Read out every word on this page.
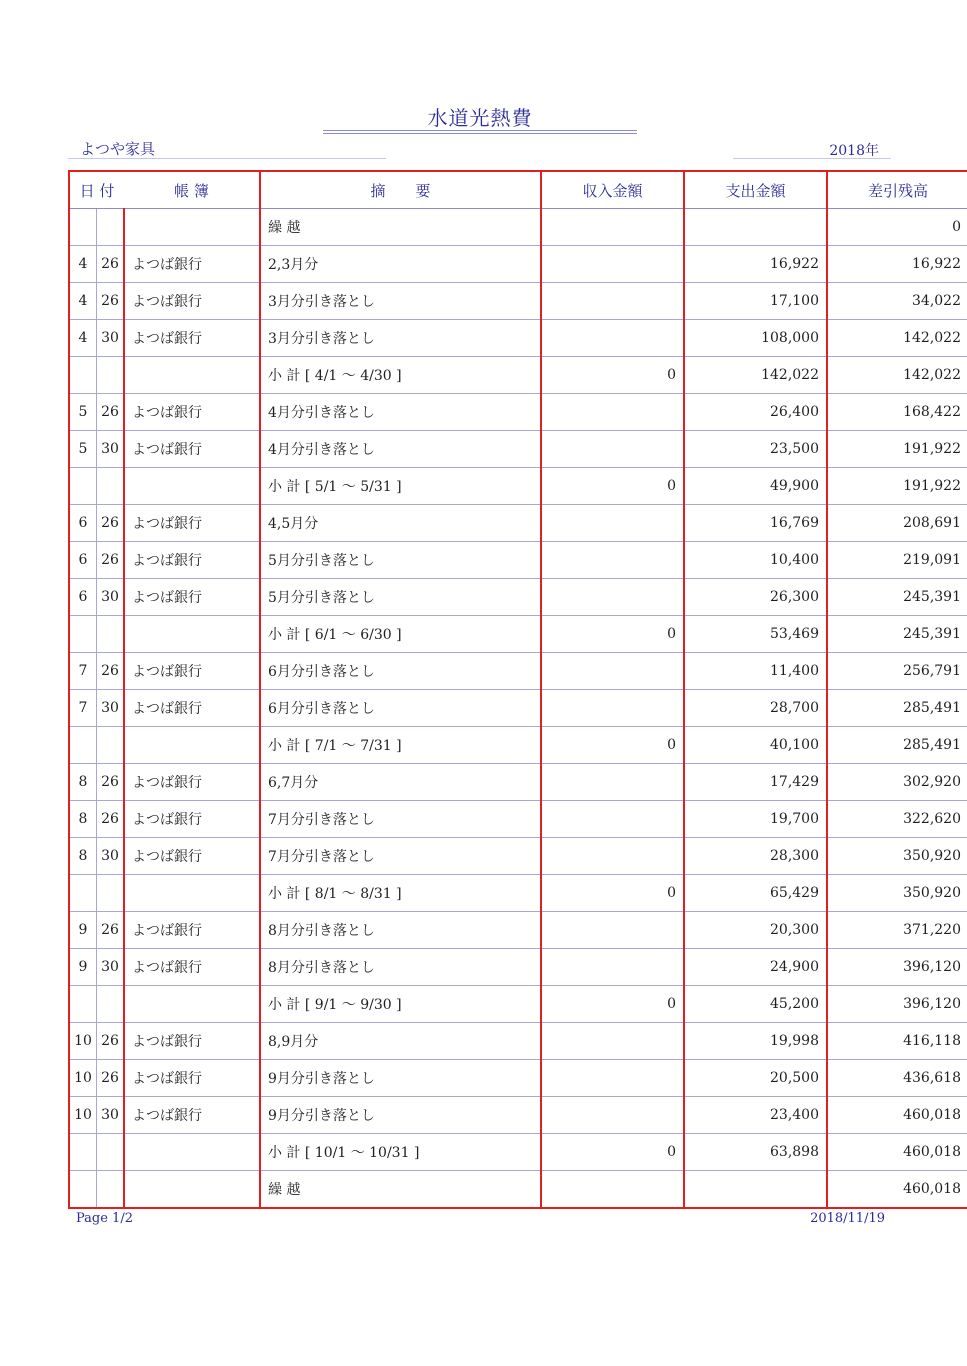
水道光熱費
よつや家具	2018年
日 付		帳 簿	摘　　要	収入金額	支出金額	差引残高
			繰 越			0
4	26	よつば銀行	2,3月分		16,922	16,922
4	26	よつば銀行	3月分引き落とし		17,100	34,022
4	30	よつば銀行	3月分引き落とし		108,000	142,022
			小 計 [ 4/1 ～ 4/30 ]	0	142,022	142,022
5	26	よつば銀行	4月分引き落とし		26,400	168,422
5	30	よつば銀行	4月分引き落とし		23,500	191,922
			小 計 [ 5/1 ～ 5/31 ]	0	49,900	191,922
6	26	よつば銀行	4,5月分		16,769	208,691
6	26	よつば銀行	5月分引き落とし		10,400	219,091
6	30	よつば銀行	5月分引き落とし		26,300	245,391
			小 計 [ 6/1 ～ 6/30 ]	0	53,469	245,391
7	26	よつば銀行	6月分引き落とし		11,400	256,791
7	30	よつば銀行	6月分引き落とし		28,700	285,491
			小 計 [ 7/1 ～ 7/31 ]	0	40,100	285,491
8	26	よつば銀行	6,7月分		17,429	302,920
8	26	よつば銀行	7月分引き落とし		19,700	322,620
8	30	よつば銀行	7月分引き落とし		28,300	350,920
			小 計 [ 8/1 ～ 8/31 ]	0	65,429	350,920
9	26	よつば銀行	8月分引き落とし		20,300	371,220
9	30	よつば銀行	8月分引き落とし		24,900	396,120
			小 計 [ 9/1 ～ 9/30 ]	0	45,200	396,120
10	26	よつば銀行	8,9月分		19,998	416,118
10	26	よつば銀行	9月分引き落とし		20,500	436,618
10	30	よつば銀行	9月分引き落とし		23,400	460,018
			小 計 [ 10/1 ～ 10/31 ]	0	63,898	460,018
			繰 越			460,018
Page 1/2	2018/11/19
